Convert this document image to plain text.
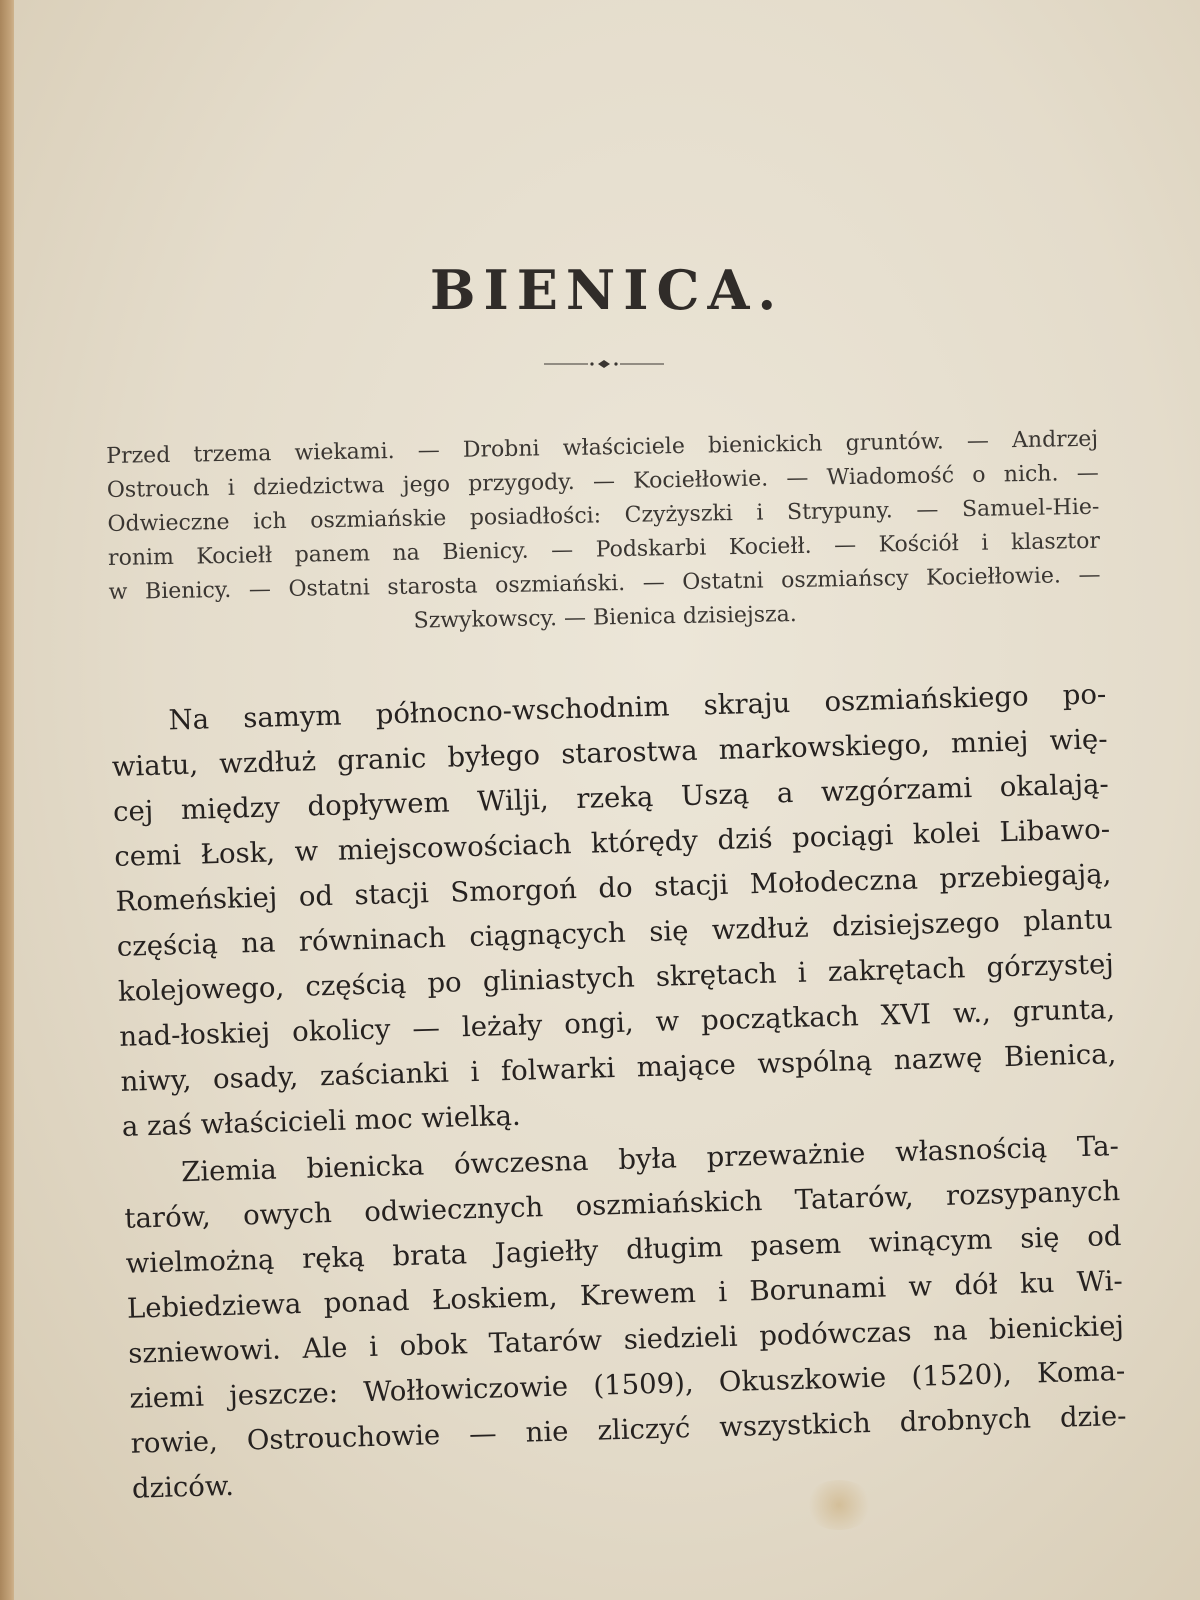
BIENICA.
Przed trzema wiekami. — Drobni właściciele bienickich gruntów. — Andrzej
Ostrouch i dziedzictwa jego przygody. — Kociełłowie. — Wiadomość o nich. —
Odwieczne ich oszmiańskie posiadłości: Czyżyszki i Strypuny. — Samuel-Hie-
ronim Kociełł panem na Bienicy. — Podskarbi Kociełł. — Kościół i klasztor
w Bienicy. — Ostatni starosta oszmiański. — Ostatni oszmiańscy Kociełłowie. —
Szwykowscy. — Bienica dzisiejsza.
Na samym północno-wschodnim skraju oszmiańskiego po-
wiatu, wzdłuż granic byłego starostwa markowskiego, mniej wię-
cej między dopływem Wilji, rzeką Uszą a wzgórzami okalają-
cemi Łosk, w miejscowościach którędy dziś pociągi kolei Libawo-
Romeńskiej od stacji Smorgoń do stacji Mołodeczna przebiegają,
częścią na równinach ciągnących się wzdłuż dzisiejszego plantu
kolejowego, częścią po gliniastych skrętach i zakrętach górzystej
nad-łoskiej okolicy — leżały ongi, w początkach XVI w., grunta,
niwy, osady, zaścianki i folwarki mające wspólną nazwę Bienica,
a zaś właścicieli moc wielką.
Ziemia bienicka ówczesna była przeważnie własnością Ta-
tarów, owych odwiecznych oszmiańskich Tatarów, rozsypanych
wielmożną ręką brata Jagiełły długim pasem winącym się od
Lebiedziewa ponad Łoskiem, Krewem i Borunami w dół ku Wi-
szniewowi. Ale i obok Tatarów siedzieli podówczas na bienickiej
ziemi jeszcze: Wołłowiczowie (1509), Okuszkowie (1520), Koma-
rowie, Ostrouchowie — nie zliczyć wszystkich drobnych dzie-
dziców.
